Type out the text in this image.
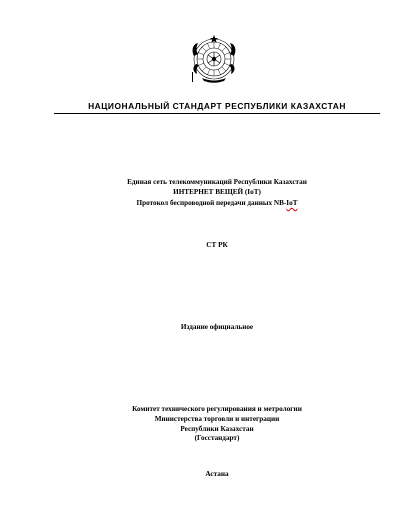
НАЦИОНАЛЬНЫЙ СТАНДАРТ РЕСПУБЛИКИ КАЗАХСТАН
Единая сеть телекоммуникаций Республики Казахстан
ИНТЕРНЕТ ВЕЩЕЙ (IoT)
Протокол беспроводной передачи данных NB-IoT
СТ РК
Издание официальное
Комитет технического регулирования и метрологии
Министерства торговли и интеграции
Республики Казахстан
(Госстандарт)
Астана
